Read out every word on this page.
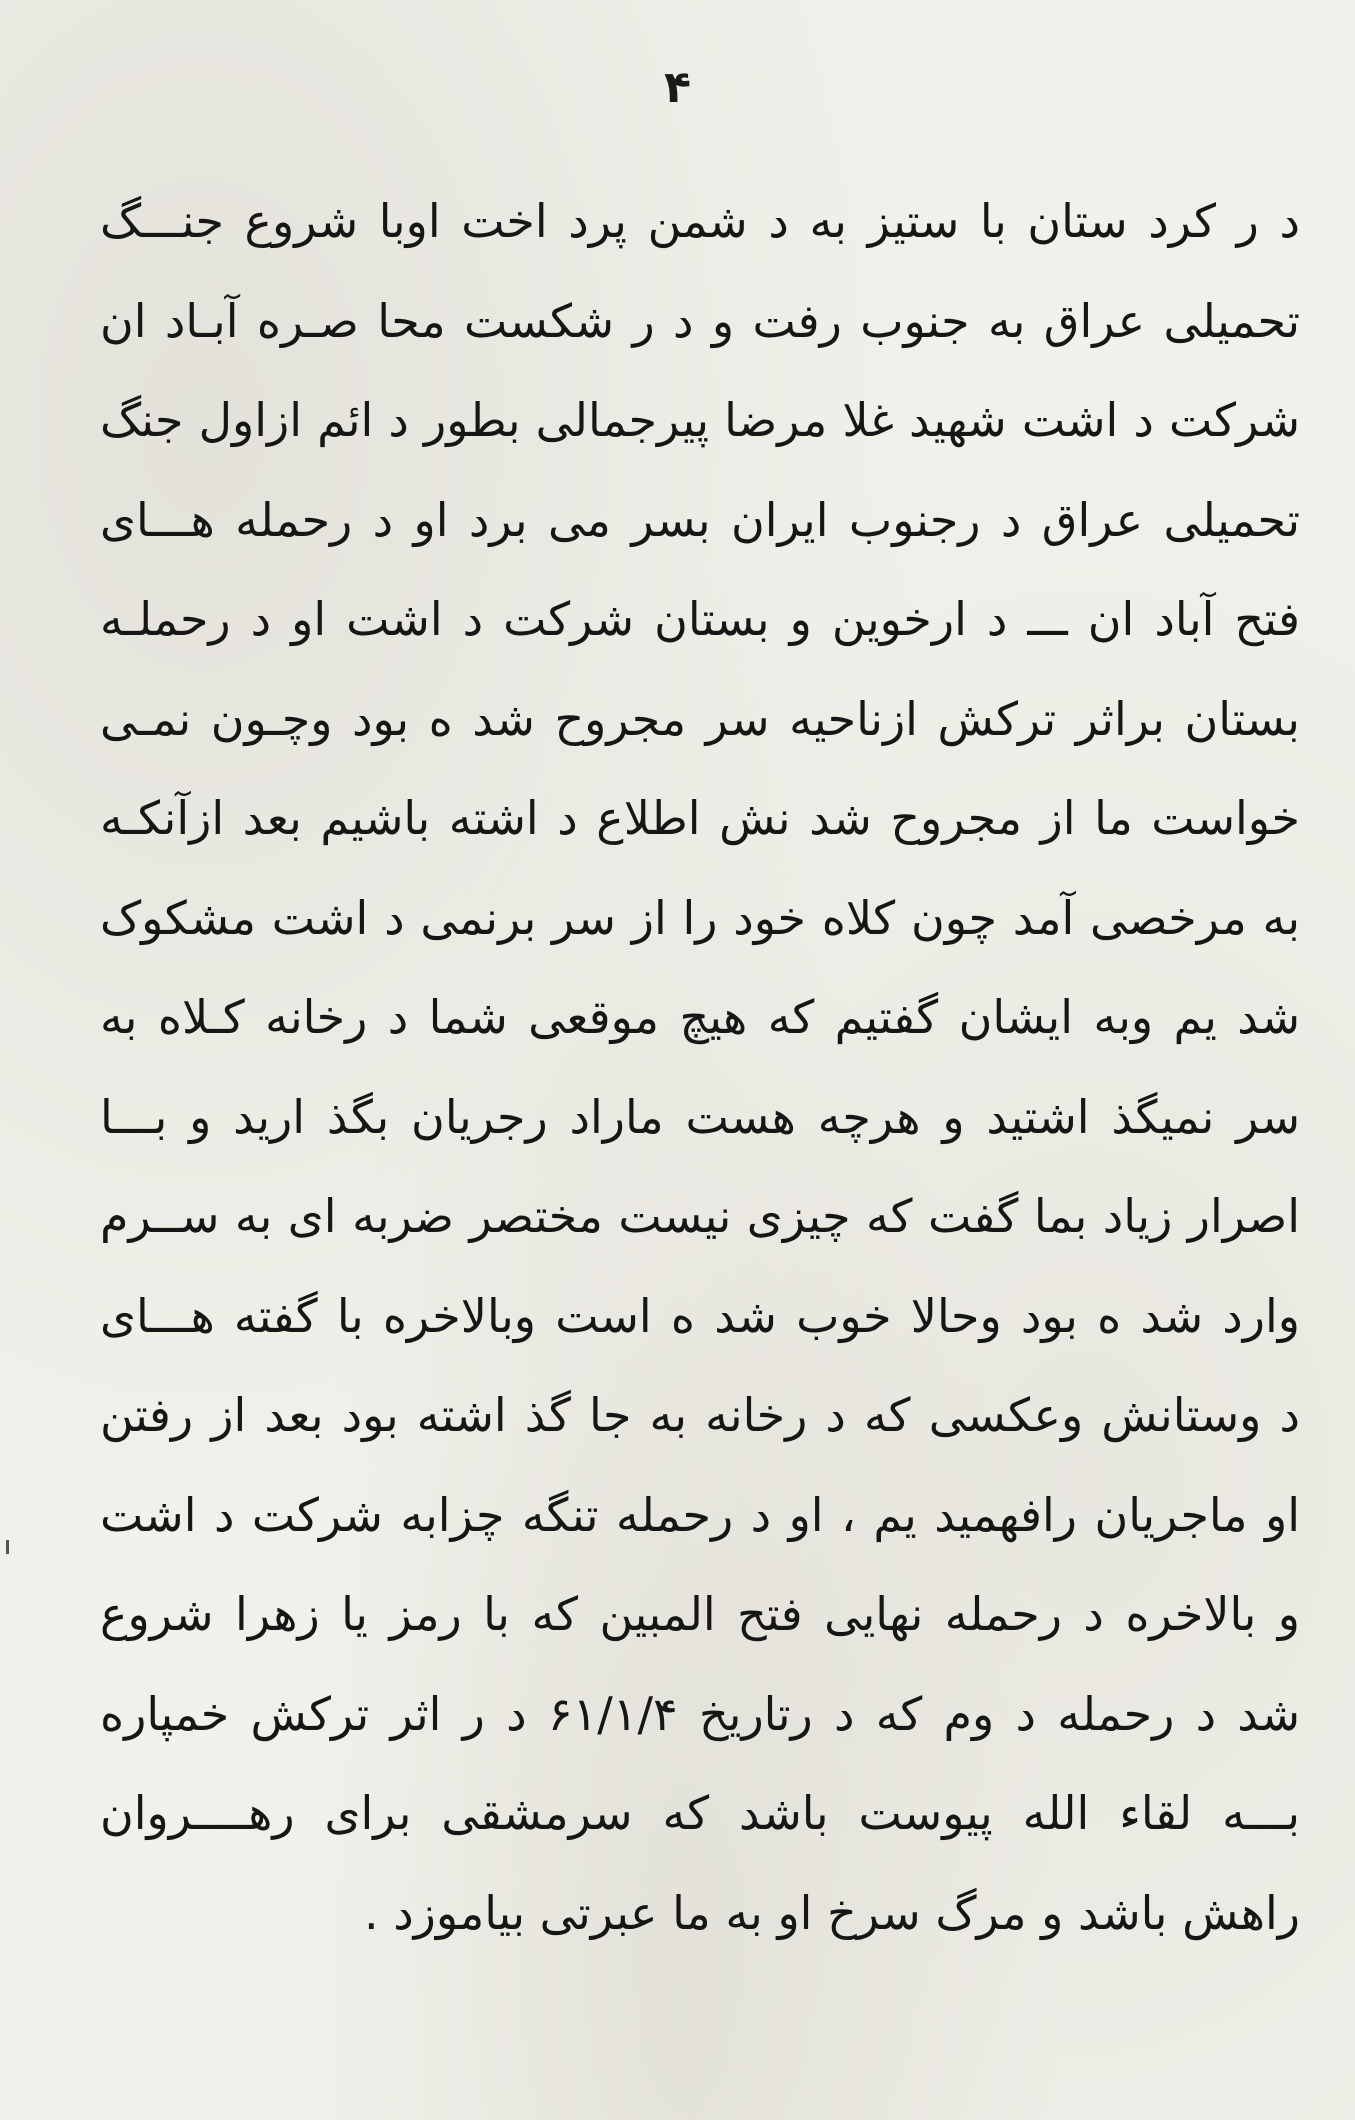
۴
د ر کرد ستان با ستیز به د شمن پرد اخت اوبا شروع جنـــگ
تحمیلی عراق به جنوب رفت و د ر شکست محا صـره آبـاد ان
شرکت د اشت شهید غلا مرضا پیرجمالی بطور د ائم ازاول جنگ
تحمیلی عراق د رجنوب ایران بسر می برد او د رحمله هـــای
فتح آباد ان ـــ د ارخوین و بستان شرکت د اشت او د رحملـه
بستان براثر ترکش ازناحیه سر مجروح شد ه بود وچـون نمـی
خواست ما از مجروح شد نش اطلاع د اشته باشیم بعد ازآنکـه
به مرخصی آمد چون کلاه خود را از سر برنمی د اشت مشکوک
شد یم وبه ایشان گفتیم که هیچ موقعی شما د رخانه کـلاه به
سر نمیگذ اشتید و هرچه هست ماراد رجریان بگذ ارید و بـــا
اصرار زیاد بما گفت که چیزی نیست مختصر ضربه ای به ســرم
وارد شد ه بود وحالا خوب شد ه است وبالاخره با گفته هـــای
د وستانش وعکسی که د رخانه به جا گذ اشته بود بعد از رفتن
او ماجریان رافهمید یم ، او د رحمله تنگه چزابه شرکت د اشت
و بالاخره د رحمله نهایی فتح المبین که با رمز یا زهرا شروع
شد د رحمله د وم که د رتاریخ ۶۱/۱/۴ د ر اثر ترکش خمپاره
بـــه لقاء الله پیوست باشد که سرمشقی برای رهــــروان
راهش باشد و مرگ سرخ او به ما عبرتی بیاموزد .
